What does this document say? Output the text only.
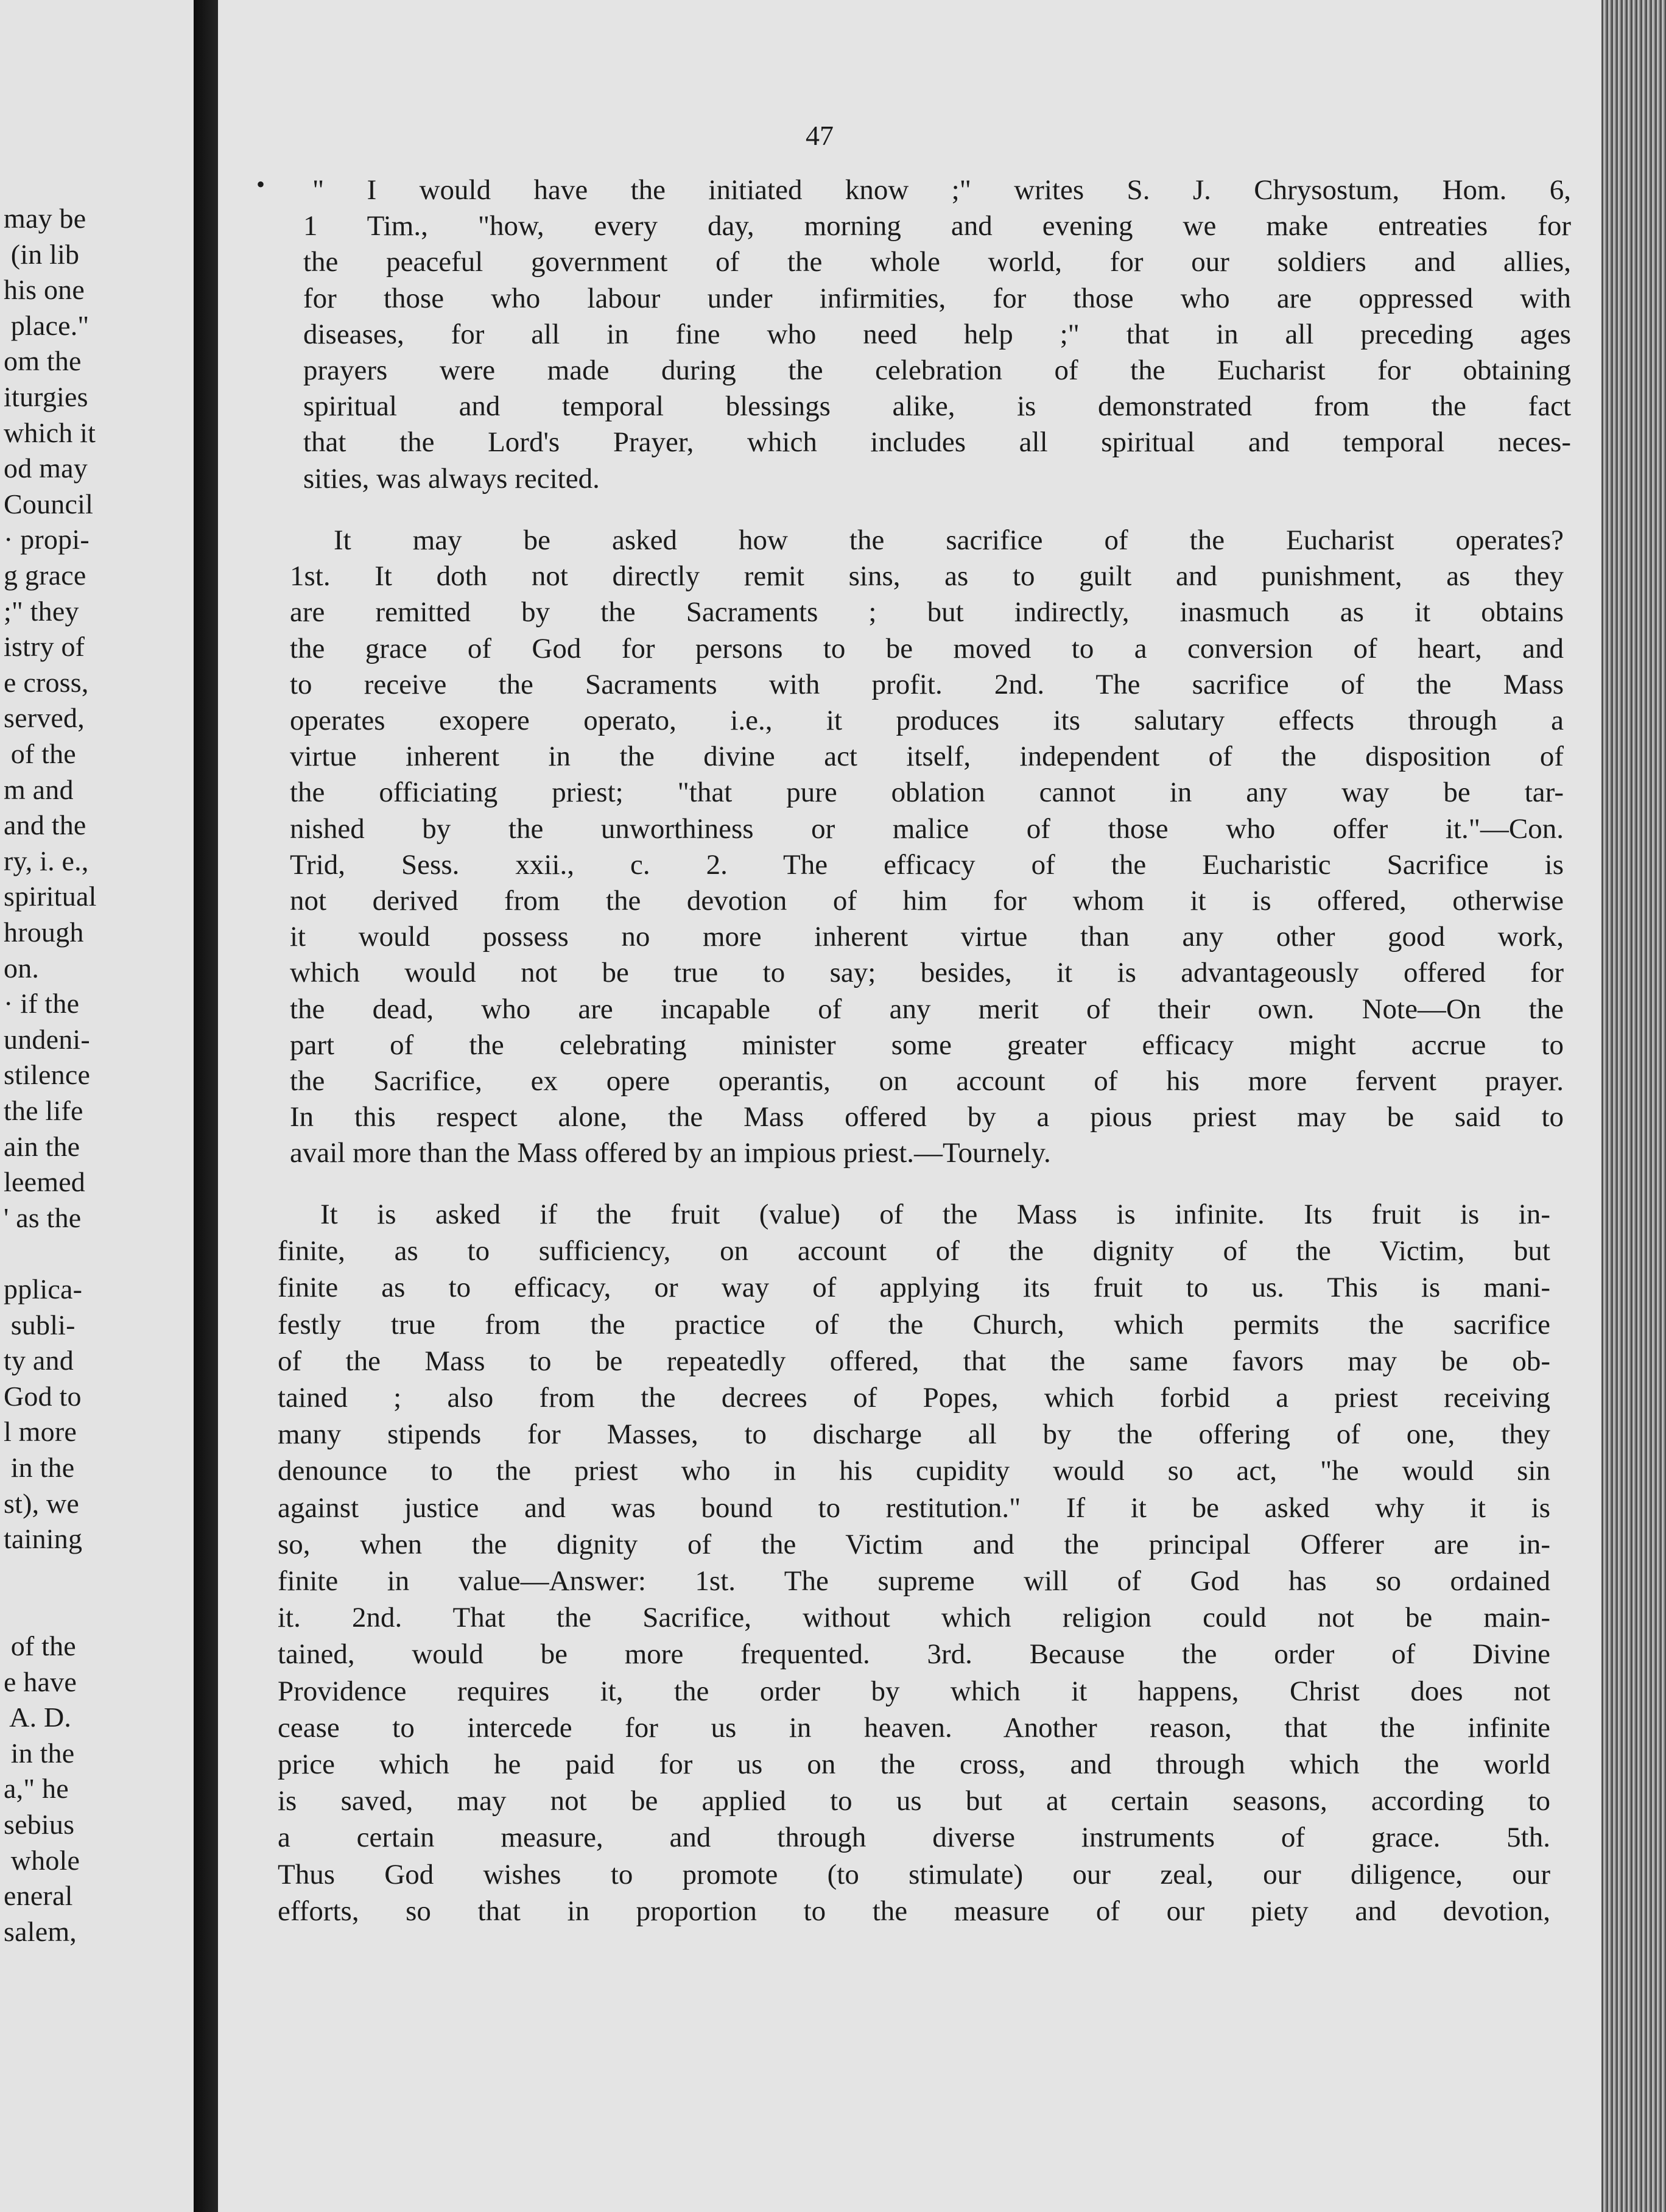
may be
(in lib
his one
place."
om the
iturgies
which it
od may
Council
· propi-
g grace
;" they
istry of
e cross,
served,
of the
m and
and the
ry, i. e.,
spiritual
hrough
on.
· if the
undeni-
stilence
the life
ain the
leemed
' as the
pplica-
subli-
ty and
God to
l more
in the
st), we
taining
of the
e have
A. D.
in the
a," he
sebius
whole
eneral
salem,
47
• " I would have the initiated know ;" writes S. J. Chrysostum, Hom. 6,
1 Tim., "how, every day, morning and evening we make entreaties for
the peaceful government of the whole world, for our soldiers and allies,
for those who labour under infirmities, for those who are oppressed with
diseases, for all in fine who need help ;" that in all preceding ages
prayers were made during the celebration of the Eucharist for obtaining
spiritual and temporal blessings alike, is demonstrated from the fact
that the Lord's Prayer, which includes all spiritual and temporal neces-
sities, was always recited.
It may be asked how the sacrifice of the Eucharist operates?
1st. It doth not directly remit sins, as to guilt and punishment, as they
are remitted by the Sacraments ; but indirectly, inasmuch as it obtains
the grace of God for persons to be moved to a conversion of heart, and
to receive the Sacraments with profit. 2nd. The sacrifice of the Mass
operates exopere operato, i.e., it produces its salutary effects through a
virtue inherent in the divine act itself, independent of the disposition of
the officiating priest; "that pure oblation cannot in any way be tar-
nished by the unworthiness or malice of those who offer it."—Con.
Trid, Sess. xxii., c. 2. The efficacy of the Eucharistic Sacrifice is
not derived from the devotion of him for whom it is offered, otherwise
it would possess no more inherent virtue than any other good work,
which would not be true to say; besides, it is advantageously offered for
the dead, who are incapable of any merit of their own. Note—On the
part of the celebrating minister some greater efficacy might accrue to
the Sacrifice, ex opere operantis, on account of his more fervent prayer.
In this respect alone, the Mass offered by a pious priest may be said to
avail more than the Mass offered by an impious priest.—Tournely.
It is asked if the fruit (value) of the Mass is infinite. Its fruit is in-
finite, as to sufficiency, on account of the dignity of the Victim, but
finite as to efficacy, or way of applying its fruit to us. This is mani-
festly true from the practice of the Church, which permits the sacrifice
of the Mass to be repeatedly offered, that the same favors may be ob-
tained ; also from the decrees of Popes, which forbid a priest receiving
many stipends for Masses, to discharge all by the offering of one, they
denounce to the priest who in his cupidity would so act, "he would sin
against justice and was bound to restitution." If it be asked why it is
so, when the dignity of the Victim and the principal Offerer are in-
finite in value—Answer: 1st. The supreme will of God has so ordained
it. 2nd. That the Sacrifice, without which religion could not be main-
tained, would be more frequented. 3rd. Because the order of Divine
Providence requires it, the order by which it happens, Christ does not
cease to intercede for us in heaven. Another reason, that the infinite
price which he paid for us on the cross, and through which the world
is saved, may not be applied to us but at certain seasons, according to
a certain measure, and through diverse instruments of grace. 5th.
Thus God wishes to promote (to stimulate) our zeal, our diligence, our
efforts, so that in proportion to the measure of our piety and devotion,
